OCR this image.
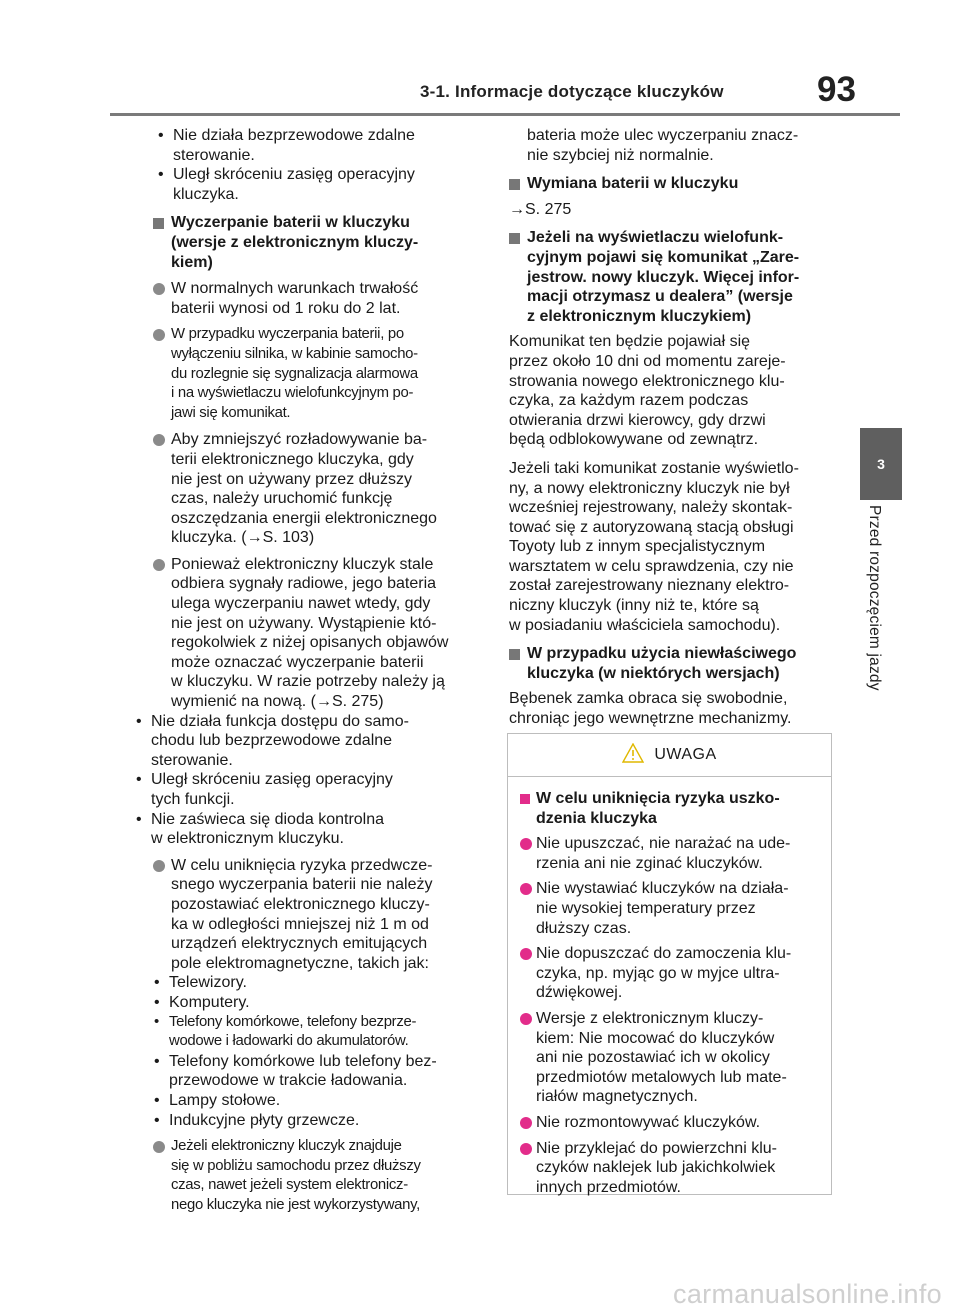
3-1. Informacje dotyczące kluczyków	93
3
Przed rozpoczęciem jazdy
• Nie działa bezprzewodowe zdalne
sterowanie.
• Uległ skróceniu zasięg operacyjny
kluczyka.
Wyczerpanie baterii w kluczyku
(wersje z elektronicznym kluczy-
kiem)
W normalnych warunkach trwałość
baterii wynosi od 1 roku do 2 lat.
W przypadku wyczerpania baterii, po
wyłączeniu silnika, w kabinie samocho-
du rozlegnie się sygnalizacja alarmowa
i na wyświetlaczu wielofunkcyjnym po-
jawi się komunikat.
Aby zmniejszyć rozładowywanie ba-
terii elektronicznego kluczyka, gdy
nie jest on używany przez dłuższy
czas, należy uruchomić funkcję
oszczędzania energii elektronicznego
kluczyka. (→S. 103)
Ponieważ elektroniczny kluczyk stale
odbiera sygnały radiowe, jego bateria
ulega wyczerpaniu nawet wtedy, gdy
nie jest on używany. Wystąpienie któ-
regokolwiek z niżej opisanych objawów
może oznaczać wyczerpanie baterii
w kluczyku. W razie potrzeby należy ją
wymienić na nową. (→S. 275)
• Nie działa funkcja dostępu do samo-
chodu lub bezprzewodowe zdalne
sterowanie.
• Uległ skróceniu zasięg operacyjny
tych funkcji.
• Nie zaświeca się dioda kontrolna
w elektronicznym kluczyku.
W celu uniknięcia ryzyka przedwcze-
snego wyczerpania baterii nie należy
pozostawiać elektronicznego kluczy-
ka w odległości mniejszej niż 1 m od
urządzeń elektrycznych emitujących
pole elektromagnetyczne, takich jak:
• Telewizory.
• Komputery.
• Telefony komórkowe, telefony bezprze-
wodowe i ładowarki do akumulatorów.
• Telefony komórkowe lub telefony bez-
przewodowe w trakcie ładowania.
• Lampy stołowe.
• Indukcyjne płyty grzewcze.
Jeżeli elektroniczny kluczyk znajduje
się w pobliżu samochodu przez dłuższy
czas, nawet jeżeli system elektronicz-
nego kluczyka nie jest wykorzystywany,
bateria może ulec wyczerpaniu znacz-
nie szybciej niż normalnie.
Wymiana baterii w kluczyku
→S. 275
Jeżeli na wyświetlaczu wielofunk-
cyjnym pojawi się komunikat „Zare-
jestrow. nowy kluczyk. Więcej infor-
macji otrzymasz u dealera” (wersje
z elektronicznym kluczykiem)
Komunikat ten będzie pojawiał się
przez około 10 dni od momentu zareje-
strowania nowego elektronicznego klu-
czyka, za każdym razem podczas
otwierania drzwi kierowcy, gdy drzwi
będą odblokowywane od zewnątrz.
Jeżeli taki komunikat zostanie wyświetlo-
ny, a nowy elektroniczny kluczyk nie był
wcześniej rejestrowany, należy skontak-
tować się z autoryzowaną stacją obsługi
Toyoty lub z innym specjalistycznym
warsztatem w celu sprawdzenia, czy nie
został zarejestrowany nieznany elektro-
niczny kluczyk (inny niż te, które są
w posiadaniu właściciela samochodu).
W przypadku użycia niewłaściwego
kluczyka (w niektórych wersjach)
Bębenek zamka obraca się swobodnie,
chroniąc jego wewnętrzne mechanizmy.
UWAGA
W celu uniknięcia ryzyka uszko-
dzenia kluczyka
Nie upuszczać, nie narażać na ude-
rzenia ani nie zginać kluczyków.
Nie wystawiać kluczyków na działa-
nie wysokiej temperatury przez
dłuższy czas.
Nie dopuszczać do zamoczenia klu-
czyka, np. myjąc go w myjce ultra-
dźwiękowej.
Wersje z elektronicznym kluczy-
kiem: Nie mocować do kluczyków
ani nie pozostawiać ich w okolicy
przedmiotów metalowych lub mate-
riałów magnetycznych.
Nie rozmontowywać kluczyków.
Nie przyklejać do powierzchni klu-
czyków naklejek lub jakichkolwiek
innych przedmiotów.
carmanualsonline.info
